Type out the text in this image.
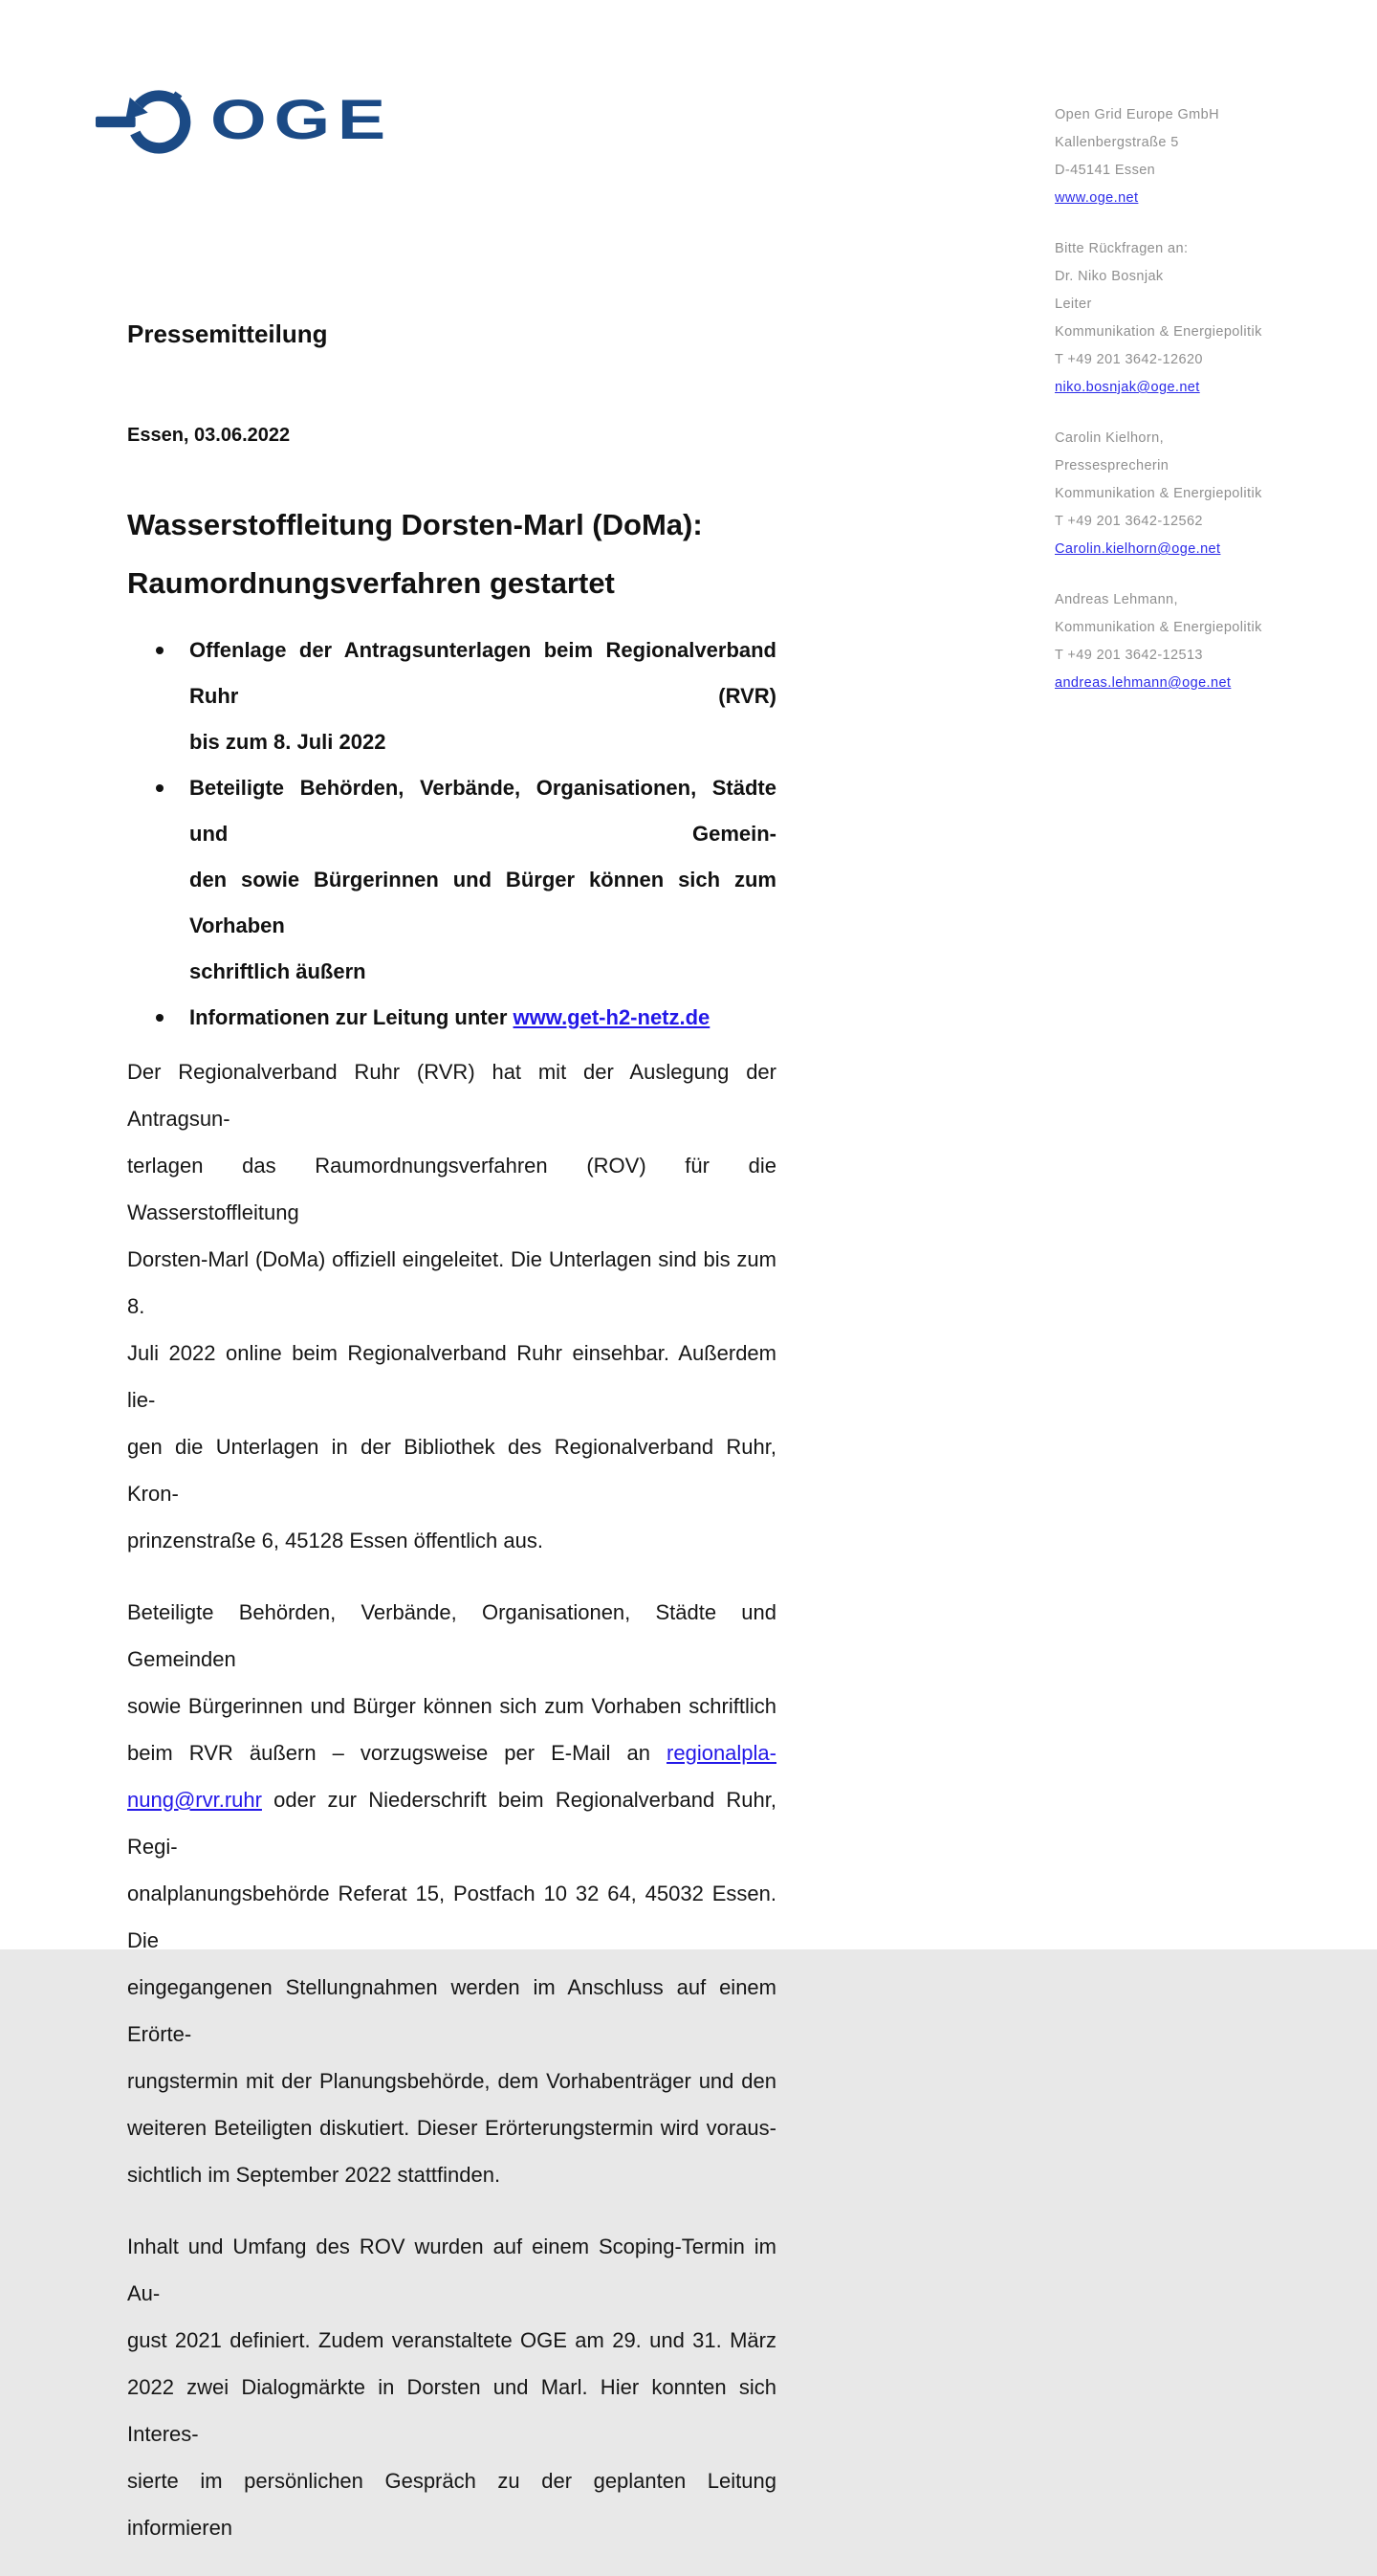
OGE	Open Grid Europe GmbH
Kallenbergstraße 5
D-45141 Essen
www.oge.net
Bitte Rückfragen an:
Dr. Niko Bosnjak
Leiter
Kommunikation & Energiepolitik
T +49 201 3642-12620
niko.bosnjak@oge.net
Carolin Kielhorn,
Pressesprecherin
Kommunikation & Energiepolitik
T +49 201 3642-12562
Carolin.kielhorn@oge.net
Andreas Lehmann,
Kommunikation & Energiepolitik
T +49 201 3642-12513
andreas.lehmann@oge.net
Pressemitteilung
Essen, 03.06.2022
Wasserstoffleitung Dorsten-Marl (DoMa):
Raumordnungsverfahren gestartet
Offenlage der Antragsunterlagen beim Regionalverband Ruhr (RVR)
bis zum 8. Juli 2022
Beteiligte Behörden, Verbände, Organisationen, Städte und Gemein-
den sowie Bürgerinnen und Bürger können sich zum Vorhaben
schriftlich äußern
Informationen zur Leitung unter www.get-h2-netz.de
Der Regionalverband Ruhr (RVR) hat mit der Auslegung der Antragsun-
terlagen das Raumordnungsverfahren (ROV) für die Wasserstoffleitung
Dorsten-Marl (DoMa) offiziell eingeleitet. Die Unterlagen sind bis zum 8.
Juli 2022 online beim Regionalverband Ruhr einsehbar. Außerdem lie-
gen die Unterlagen in der Bibliothek des Regionalverband Ruhr, Kron-
prinzenstraße 6, 45128 Essen öffentlich aus.
Beteiligte Behörden, Verbände, Organisationen, Städte und Gemeinden
sowie Bürgerinnen und Bürger können sich zum Vorhaben schriftlich
beim RVR äußern – vorzugsweise per E-Mail an regionalpla-
nung@rvr.ruhr oder zur Niederschrift beim Regionalverband Ruhr, Regi-
onalplanungsbehörde Referat 15, Postfach 10 32 64, 45032 Essen. Die
eingegangenen Stellungnahmen werden im Anschluss auf einem Erörte-
rungstermin mit der Planungsbehörde, dem Vorhabenträger und den
weiteren Beteiligten diskutiert. Dieser Erörterungstermin wird voraus-
sichtlich im September 2022 stattfinden.
Inhalt und Umfang des ROV wurden auf einem Scoping-Termin im Au-
gust 2021 definiert. Zudem veranstaltete OGE am 29. und 31. März
2022 zwei Dialogmärkte in Dorsten und Marl. Hier konnten sich Interes-
sierte im persönlichen Gespräch zu der geplanten Leitung informieren
